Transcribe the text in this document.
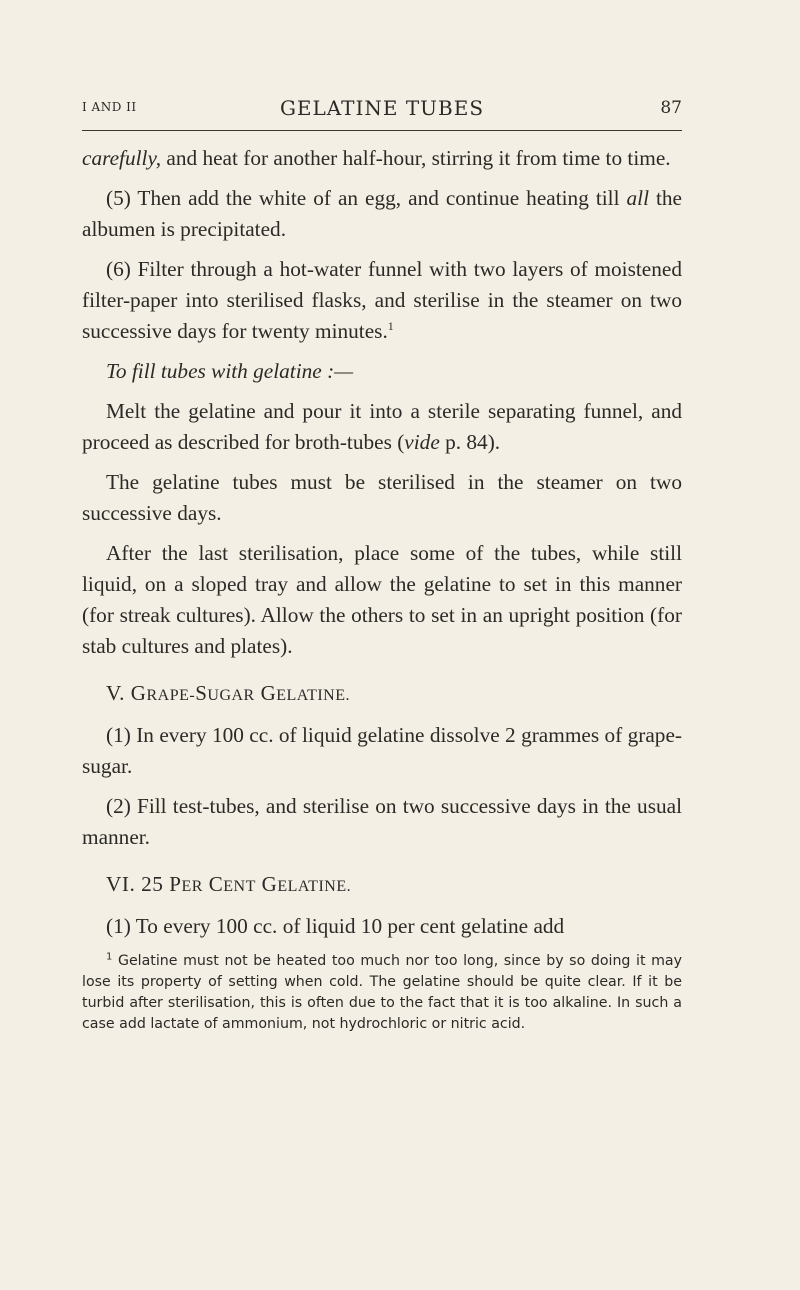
I AND II	GELATINE TUBES	87

carefully, and heat for another half-hour, stirring it from time to time.

(5) Then add the white of an egg, and continue heating till all the albumen is precipitated.

(6) Filter through a hot-water funnel with two layers of moistened filter-paper into sterilised flasks, and sterilise in the steamer on two successive days for twenty minutes.$^1$

To fill tubes with gelatine :—

Melt the gelatine and pour it into a sterile separating funnel, and proceed as described for broth-tubes (vide p. 84).

The gelatine tubes must be sterilised in the steamer on two successive days.

After the last sterilisation, place some of the tubes, while still liquid, on a sloped tray and allow the gelatine to set in this manner (for streak cultures). Allow the others to set in an upright position (for stab cultures and plates).

V. GRAPE-SUGAR GELATINE.

(1) In every 100 cc. of liquid gelatine dissolve 2 grammes of grape-sugar.

(2) Fill test-tubes, and sterilise on two successive days in the usual manner.

VI. 25 PER CENT GELATINE.

(1) To every 100 cc. of liquid 10 per cent gelatine add

$^1$ Gelatine must not be heated too much nor too long, since by so doing it may lose its property of setting when cold. The gelatine should be quite clear. If it be turbid after sterilisation, this is often due to the fact that it is too alkaline. In such a case add lactate of ammonium, not hydrochloric or nitric acid.
